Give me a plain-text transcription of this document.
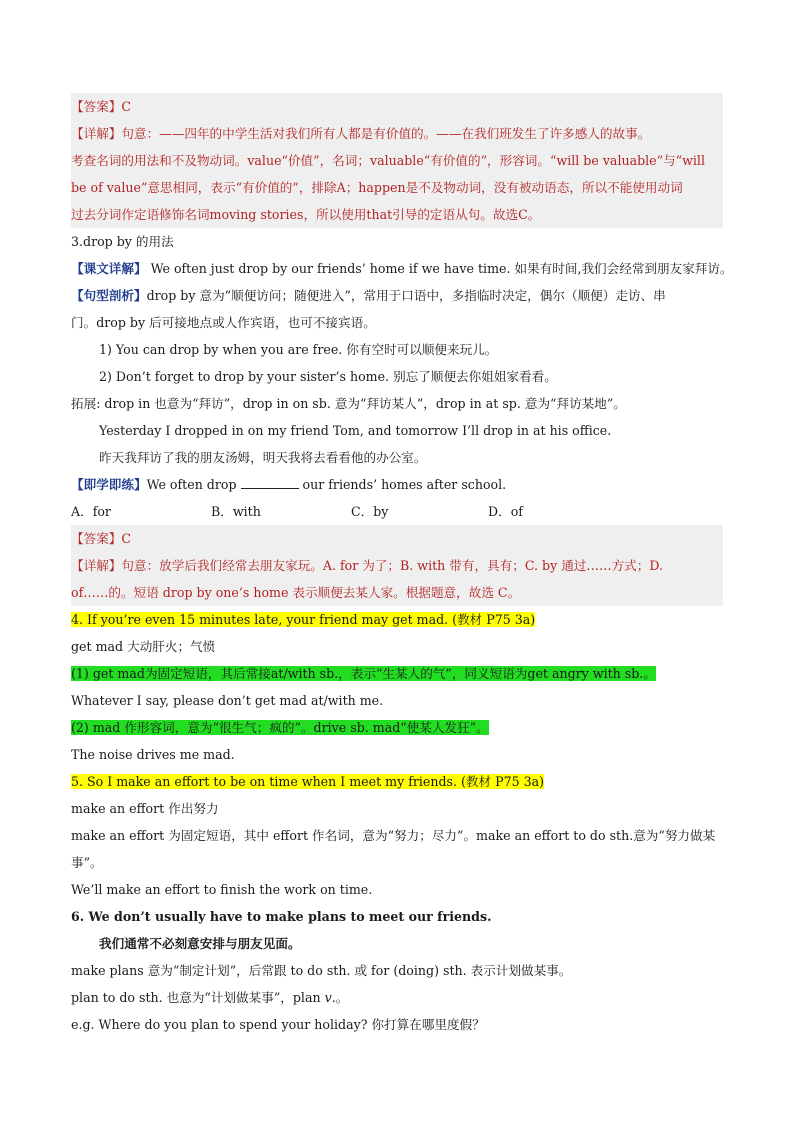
【答案】C
【详解】句意：——四年的中学生活对我们所有人都是有价值的。——在我们班发生了许多感人的故事。
考查名词的用法和不及物动词。value“价值”，名词；valuable“有价值的”，形容词。“will be valuable”与“will
be of value”意思相同，表示“有价值的”，排除A；happen是不及物动词，没有被动语态，所以不能使用动词
过去分词作定语修饰名词moving stories，所以使用that引导的定语从句。故选C。
3.drop by 的用法
【课文详解】 We often just drop by our friends’ home if we have time. 如果有时间,我们会经常到朋友家拜访。
【句型剖析】drop by 意为“顺便访问；随便进入”，常用于口语中，多指临时决定，偶尔（顺便）走访、串
门。drop by 后可接地点或人作宾语，也可不接宾语。
1) You can drop by when you are free. 你有空时可以顺便来玩儿。
2) Don’t forget to drop by your sister’s home. 别忘了顺便去你姐姐家看看。
拓展: drop in 也意为“拜访”，drop in on sb. 意为“拜访某人”，drop in at sp. 意为“拜访某地”。
Yesterday I dropped in on my friend Tom, and tomorrow I’ll drop in at his office.
昨天我拜访了我的朋友汤姆，明天我将去看看他的办公室。
【即学即练】We often drop	our friends’ homes after school.
A．for	B．with	C．by	D．of
【答案】C
【详解】句意：放学后我们经常去朋友家玩。A. for 为了；B. with 带有，具有；C. by 通过……方式；D.
of……的。短语 drop by one’s home 表示顺便去某人家。根据题意，故选 C。
4. If you’re even 15 minutes late, your friend may get mad. (教材 P75 3a)
get mad 大动肝火；气愤
(1) get mad为固定短语，其后常接at/with sb.，表示“生某人的气”，同义短语为get angry with sb.。
Whatever I say, please don’t get mad at/with me.
(2) mad 作形容词，意为“很生气；疯的”。drive sb. mad“使某人发狂”。
The noise drives me mad.
5. So I make an effort to be on time when I meet my friends. (教材 P75 3a)
make an effort 作出努力
make an effort 为固定短语，其中 effort 作名词，意为“努力；尽力”。make an effort to do sth.意为“努力做某
事”。
We’ll make an effort to finish the work on time.
6. We don’t usually have to make plans to meet our friends.
我们通常不必刻意安排与朋友见面。
make plans 意为“制定计划”，后常跟 to do sth. 或 for (doing) sth. 表示计划做某事。
plan to do sth. 也意为“计划做某事”，plan v.。
e.g. Where do you plan to spend your holiday? 你打算在哪里度假？
